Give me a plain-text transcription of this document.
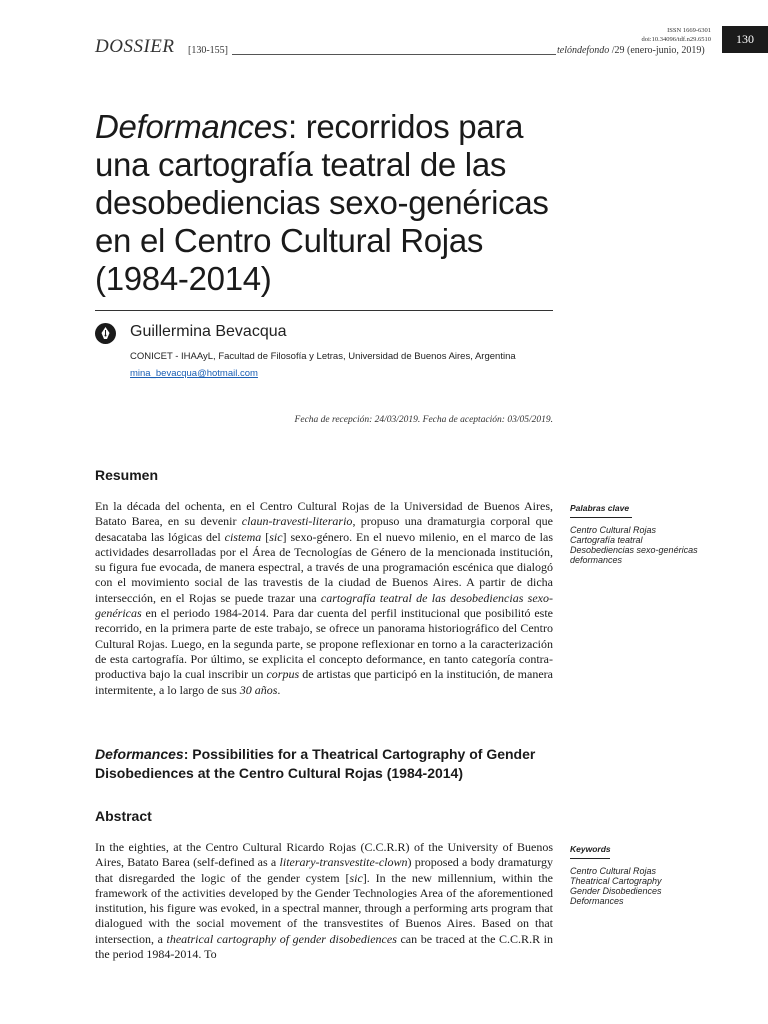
DOSSIER [130-155]	telóndefondo /29 (enero-junio, 2019)
ISSN 1669-6301
doi:10.34096/tdf.n29.6510	130
Deformances: recorridos para una cartografía teatral de las desobediencias sexo-genéricas en el Centro Cultural Rojas (1984-2014)
Guillermina Bevacqua
CONICET - IHAAyL, Facultad de Filosofía y Letras, Universidad de Buenos Aires, Argentina
mina_bevacqua@hotmail.com
Fecha de recepción: 24/03/2019. Fecha de aceptación: 03/05/2019.
Resumen
En la década del ochenta, en el Centro Cultural Rojas de la Universidad de Buenos Aires, Batato Barea, en su devenir claun-travesti-literario, propuso una dramaturgia corporal que desacataba las lógicas del cistema [sic] sexo-género. En el nuevo milenio, en el marco de las actividades desarrolladas por el Área de Tecnologías de Género de la mencionada institución, su figura fue evocada, de manera espectral, a través de una programación escénica que dialogó con el movimiento social de las travestis de la ciudad de Buenos Aires. A partir de dicha intersección, en el Rojas se puede trazar una cartografía teatral de las desobediencias sexo-genéricas en el periodo 1984-2014. Para dar cuenta del perfil institucional que posibilitó este recorrido, en la primera parte de este trabajo, se ofrece un panorama historiográfico del Centro Cultural Rojas. Luego, en la segunda parte, se propone reflexionar en torno a la caracterización de esta cartografía. Por último, se explicita el concepto deformance, en tanto categoría contra-productiva bajo la cual inscribir un corpus de artistas que participó en la institución, de manera intermitente, a lo largo de sus 30 años.
Palabras clave
Centro Cultural Rojas
Cartografía teatral
Desobediencias sexo-genéricas
deformances
Deformances: Possibilities for a Theatrical Cartography of Gender Disobediences at the Centro Cultural Rojas (1984-2014)
Abstract
In the eighties, at the Centro Cultural Ricardo Rojas (C.C.R.R) of the University of Buenos Aires, Batato Barea (self-defined as a literary-transvestite-clown) proposed a body dramaturgy that disregarded the logic of the gender cystem [sic]. In the new millennium, within the framework of the activities developed by the Gender Technologies Area of the aforementioned institution, his figure was evoked, in a spectral manner, through a performing arts program that dialogued with the social movement of the transvestites of Buenos Aires. Based on that intersection, a theatrical cartography of gender disobediences can be traced at the C.C.R.R in the period 1984-2014. To
Keywords
Centro Cultural Rojas
Theatrical Cartography
Gender Disobediences
Deformances
